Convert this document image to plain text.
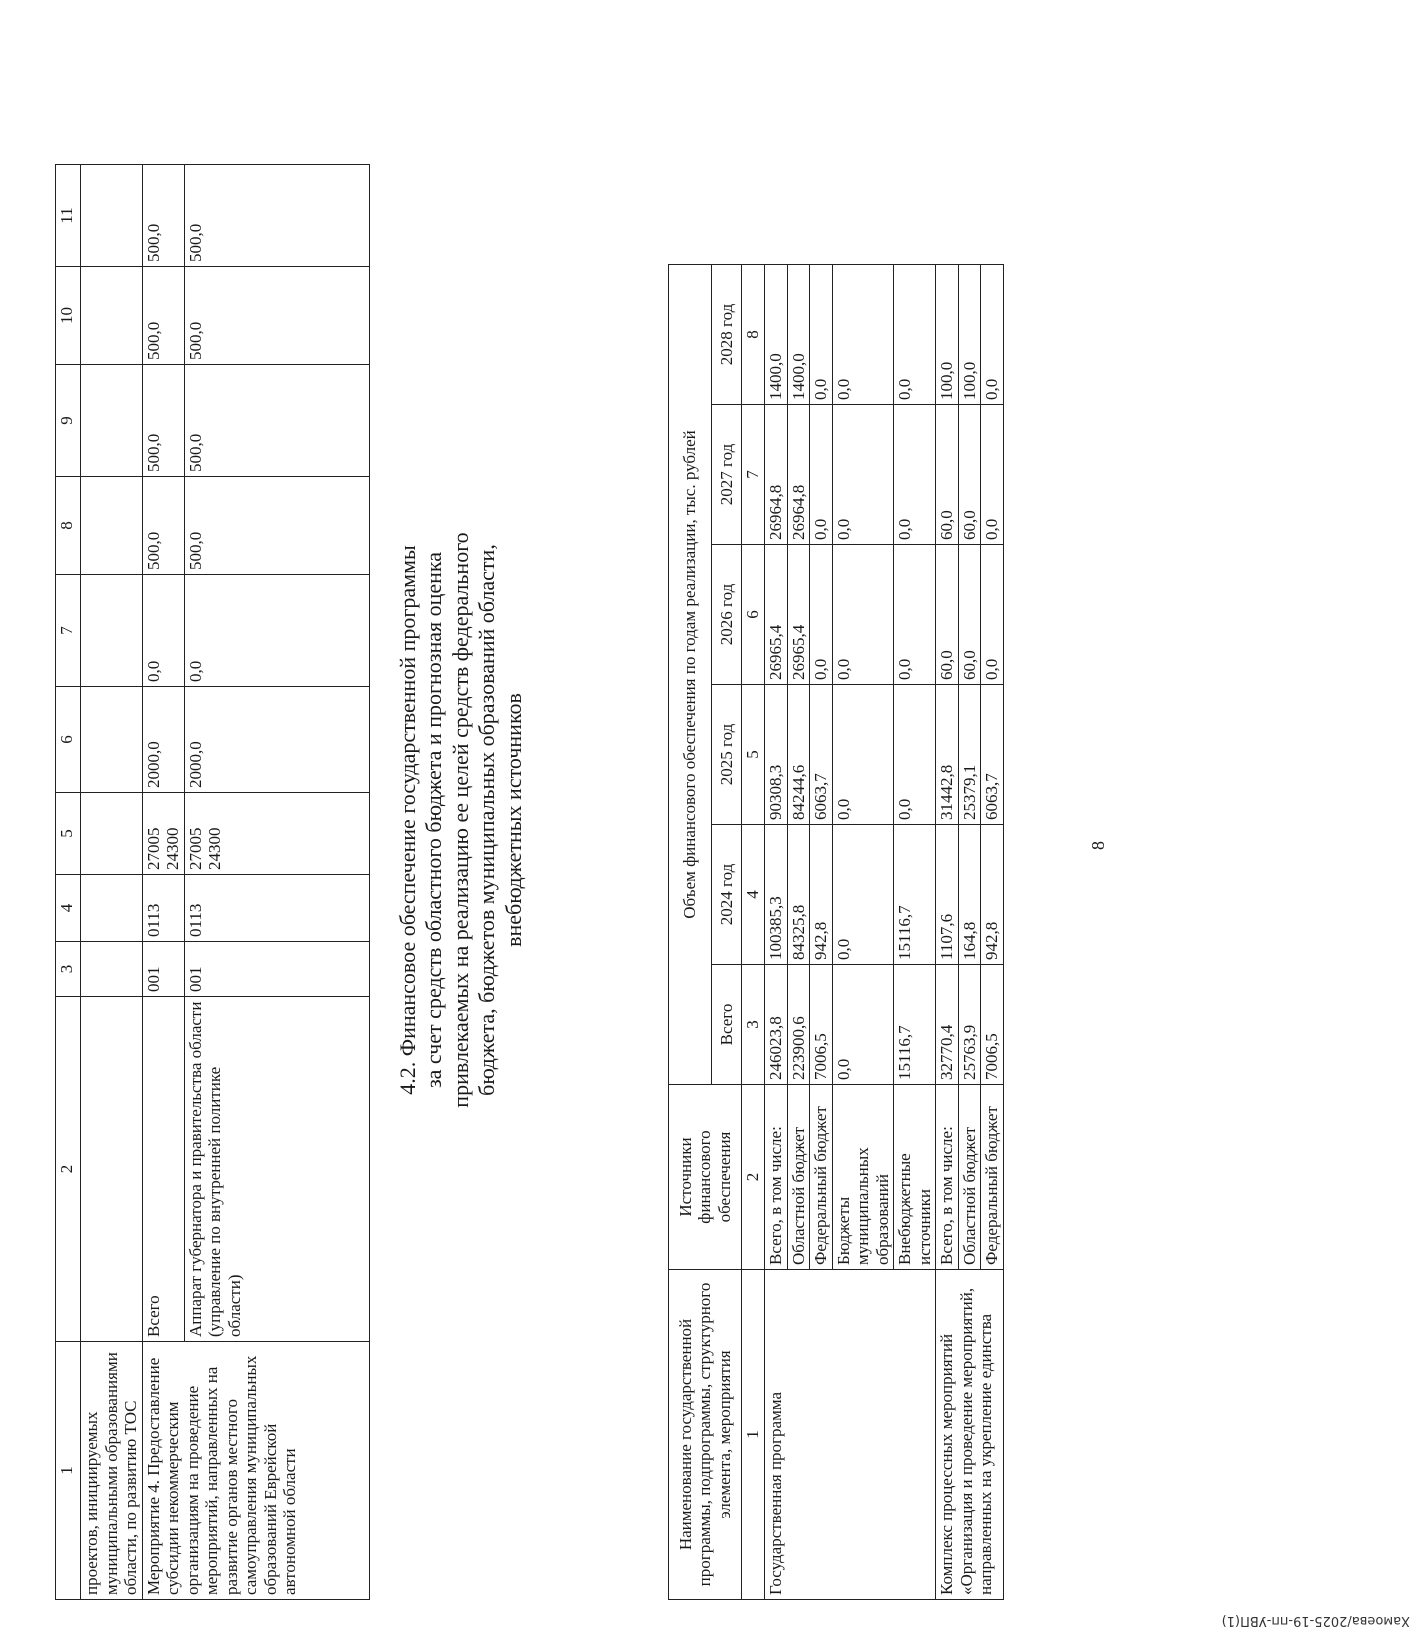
8
Хамоева/2025-19-пп-УВП(1)
1	2	3	4	5	6	7	8	9	10	11
проектов, инициируемых муниципальными образованиями области, по развитию ТОС										
Мероприятие 4. Предоставление субсидии некоммерческим организациям на проведение мероприятий, направленных на развитие органов местного самоуправления муниципальных образований Еврейской автономной области	Всего	001	0113	27005 24300	2000,0	0,0	500,0	500,0	500,0	500,0
	Аппарат губернатора и правительства области (управление по внутренней политике области)	001	0113	27005 24300	2000,0	0,0	500,0	500,0	500,0	500,0
4.2. Финансовое обеспечение государственной программы за счет средств областного бюджета и прогнозная оценка привлекаемых на реализацию ее целей средств федерального бюджета, бюджетов муниципальных образований области, внебюджетных источников
Наименование государственной программы, подпрограммы, структурного элемента, мероприятия	Источники финансового обеспечения	Объем финансового обеспечения по годам реализации, тыс. рублей					
		Всего	2024 год	2025 год	2026 год	2027 год	2028 год
1	2	3	4	5	6	7	8
Государственная программа	Всего, в том числе:	246023,8	100385,3	90308,3	26965,4	26964,8	1400,0
	Областной бюджет	223900,6	84325,8	84244,6	26965,4	26964,8	1400,0
	Федеральный бюджет	7006,5	942,8	6063,7	0,0	0,0	0,0
	Бюджеты муниципальных образований	0,0	0,0	0,0	0,0	0,0	0,0
	Внебюджетные источники	15116,7	15116,7	0,0	0,0	0,0	0,0
Комплекс процессных мероприятий «Организация и проведение мероприятий, направленных на укрепление единства	Всего, в том числе:	32770,4	1107,6	31442,8	60,0	60,0	100,0
	Областной бюджет	25763,9	164,8	25379,1	60,0	60,0	100,0
	Федеральный бюджет	7006,5	942,8	6063,7	0,0	0,0	0,0
